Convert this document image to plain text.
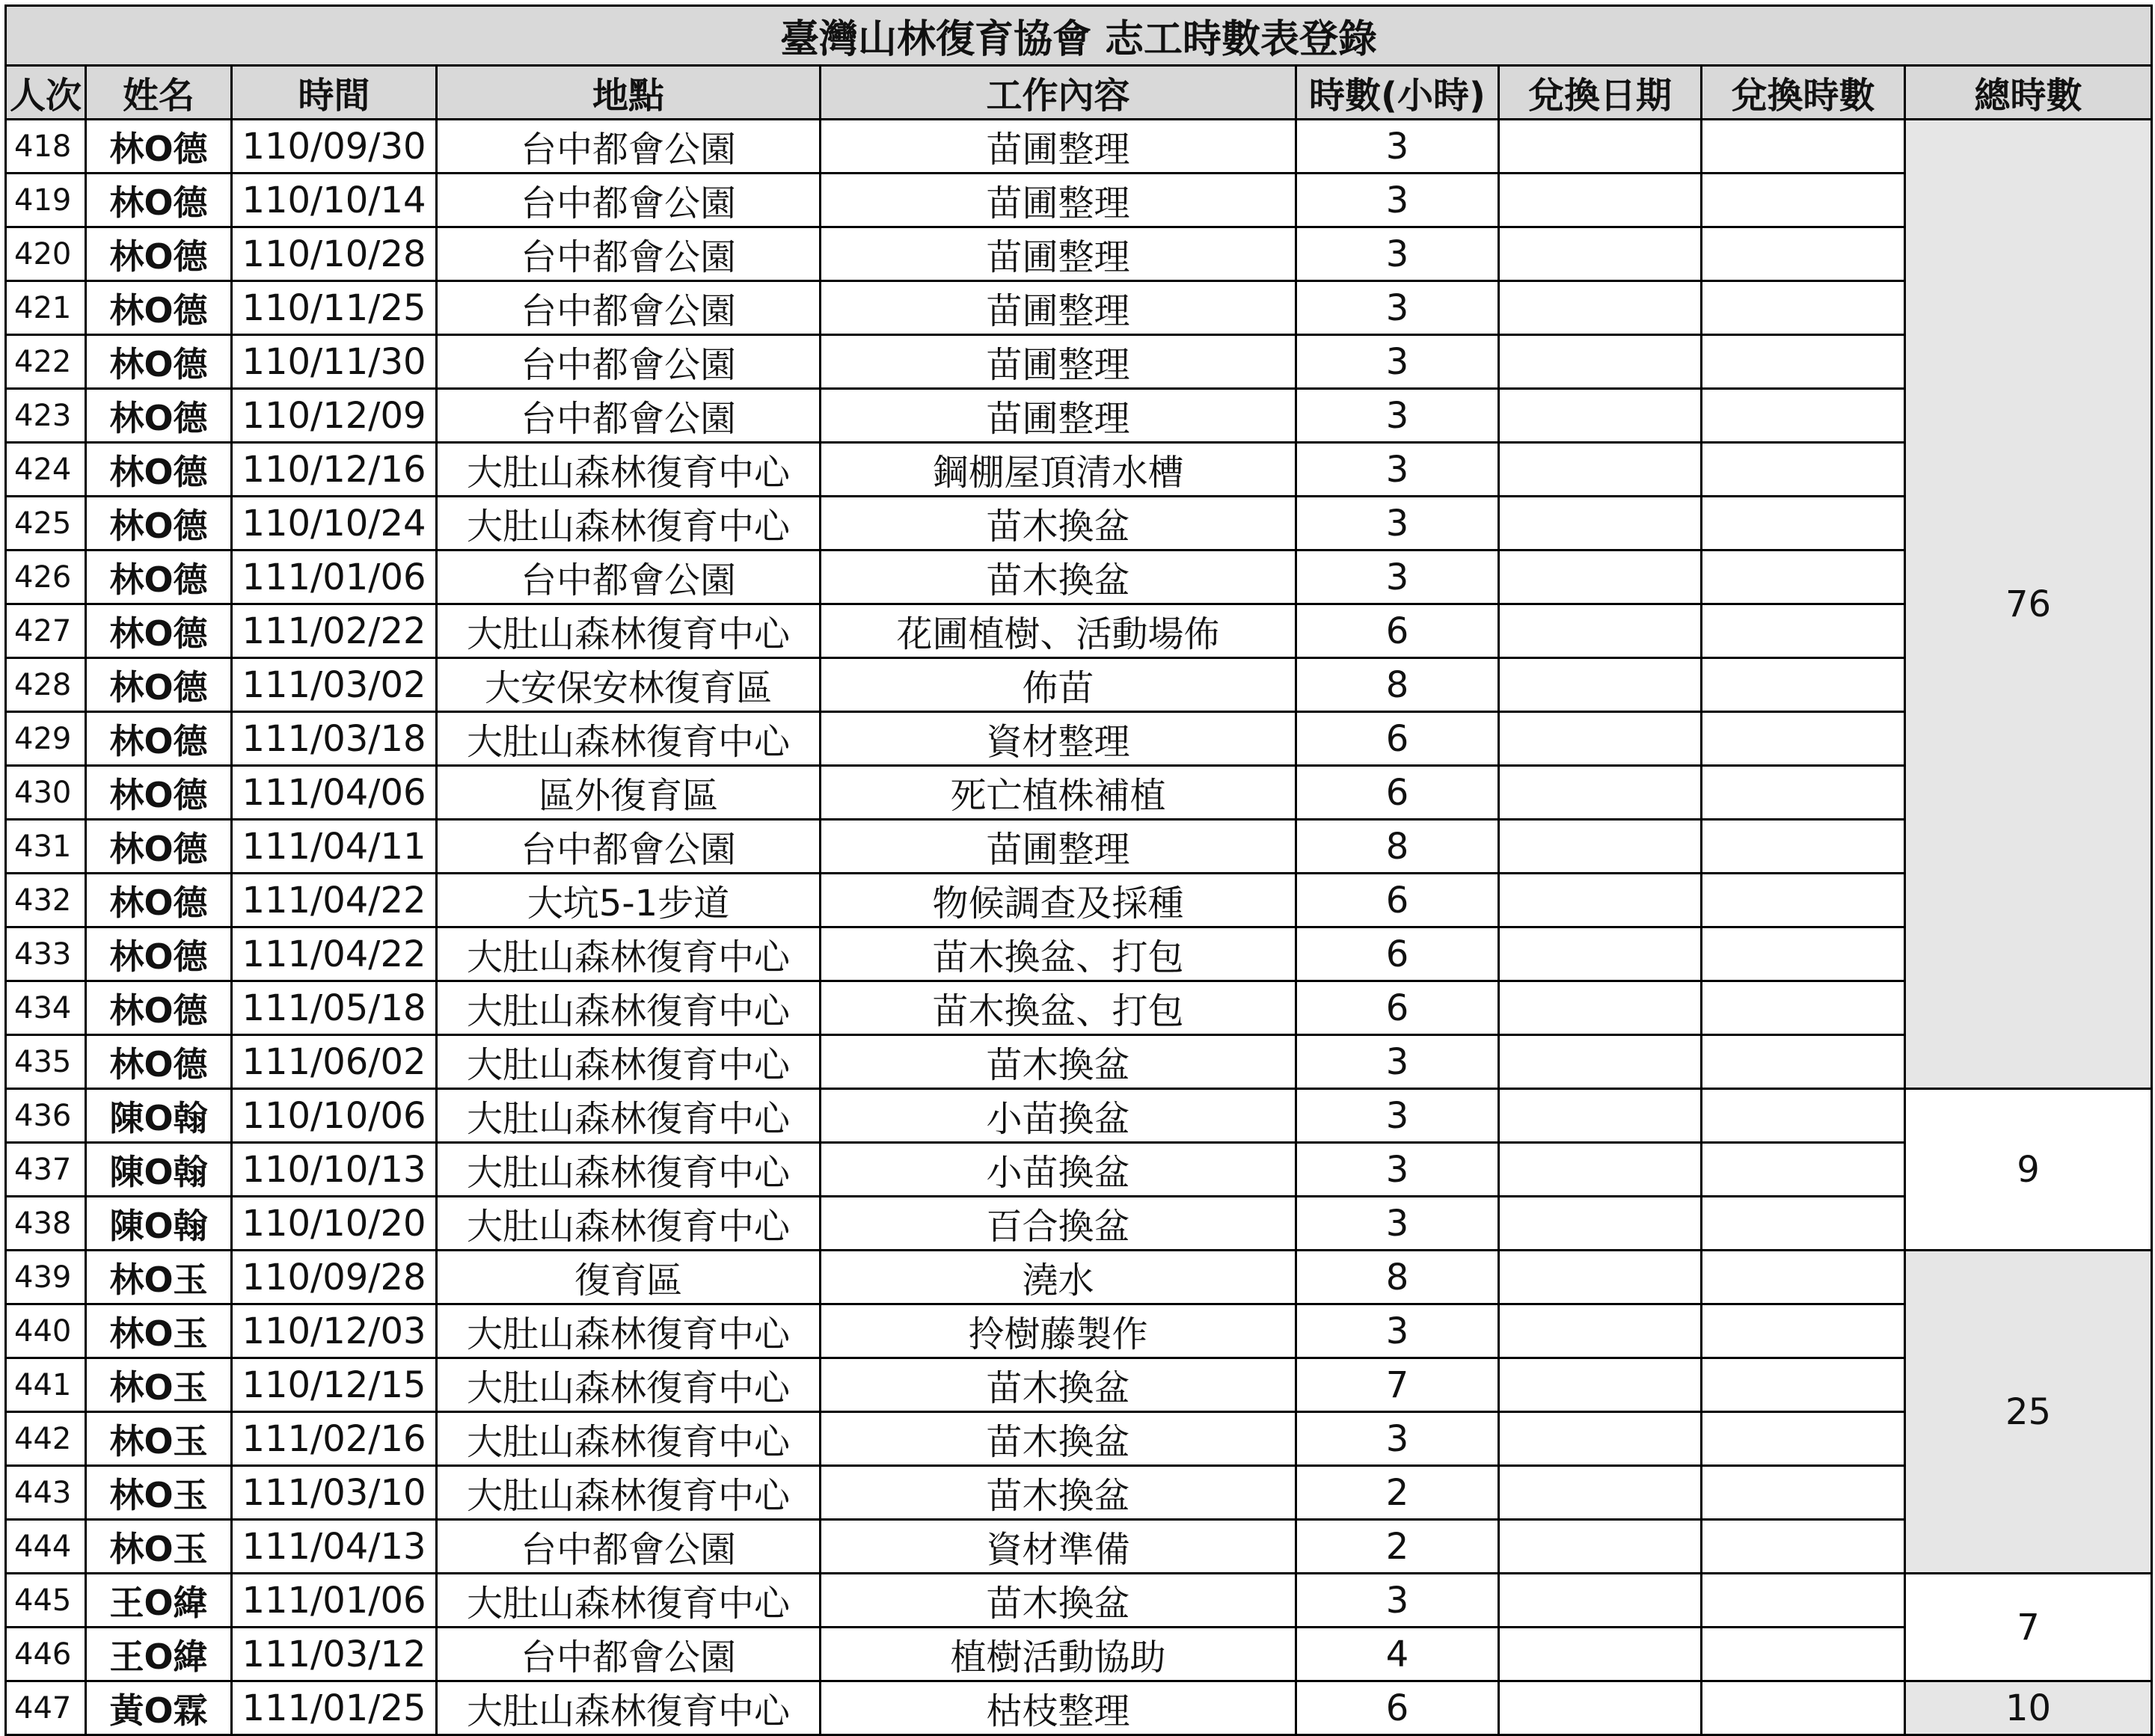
臺灣山林復育協會 志工時數表登錄								
人次	姓名	時間	地點	工作內容	時數(小時)	兌換日期	兌換時數	總時數
418	林O德	110/09/30	台中都會公園	苗圃整理	3			76
419	林O德	110/10/14	台中都會公園	苗圃整理	3			
420	林O德	110/10/28	台中都會公園	苗圃整理	3			
421	林O德	110/11/25	台中都會公園	苗圃整理	3			
422	林O德	110/11/30	台中都會公園	苗圃整理	3			
423	林O德	110/12/09	台中都會公園	苗圃整理	3			
424	林O德	110/12/16	大肚山森林復育中心	鋼棚屋頂清水槽	3			
425	林O德	110/10/24	大肚山森林復育中心	苗木換盆	3			
426	林O德	111/01/06	台中都會公園	苗木換盆	3			
427	林O德	111/02/22	大肚山森林復育中心	花圃植樹、活動場佈	6			
428	林O德	111/03/02	大安保安林復育區	佈苗	8			
429	林O德	111/03/18	大肚山森林復育中心	資材整理	6			
430	林O德	111/04/06	區外復育區	死亡植株補植	6			
431	林O德	111/04/11	台中都會公園	苗圃整理	8			
432	林O德	111/04/22	大坑5-1步道	物候調查及採種	6			
433	林O德	111/04/22	大肚山森林復育中心	苗木換盆、打包	6			
434	林O德	111/05/18	大肚山森林復育中心	苗木換盆、打包	6			
435	林O德	111/06/02	大肚山森林復育中心	苗木換盆	3			
436	陳O翰	110/10/06	大肚山森林復育中心	小苗換盆	3			9
437	陳O翰	110/10/13	大肚山森林復育中心	小苗換盆	3			
438	陳O翰	110/10/20	大肚山森林復育中心	百合換盆	3			
439	林O玉	110/09/28	復育區	澆水	8			25
440	林O玉	110/12/03	大肚山森林復育中心	拎樹藤製作	3			
441	林O玉	110/12/15	大肚山森林復育中心	苗木換盆	7			
442	林O玉	111/02/16	大肚山森林復育中心	苗木換盆	3			
443	林O玉	111/03/10	大肚山森林復育中心	苗木換盆	2			
444	林O玉	111/04/13	台中都會公園	資材準備	2			
445	王O緯	111/01/06	大肚山森林復育中心	苗木換盆	3			7
446	王O緯	111/03/12	台中都會公園	植樹活動協助	4			
447	黃O霖	111/01/25	大肚山森林復育中心	枯枝整理	6			10
